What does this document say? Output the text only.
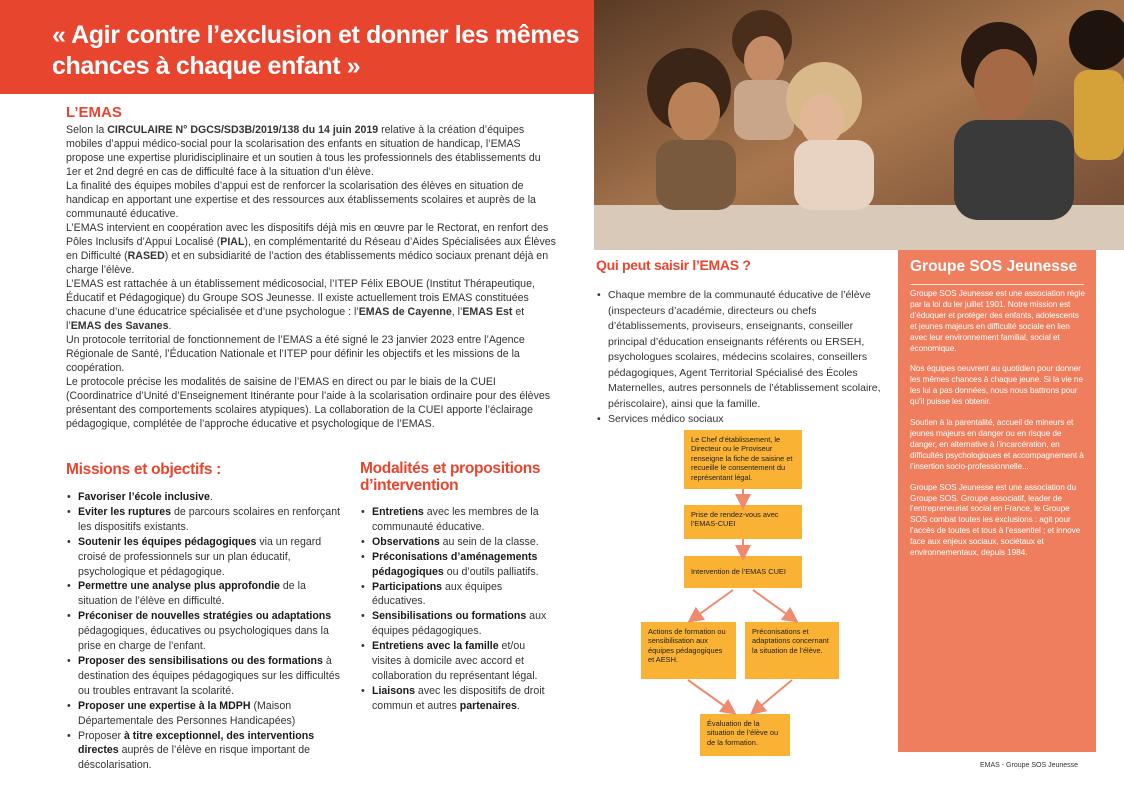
« Agir contre l’exclusion et donner les mêmes chances à chaque enfant »
L’EMAS

Selon la CIRCULAIRE N° DGCS/SD3B/2019/138 du 14 juin 2019 relative à la création d’équipes mobiles d’appui médico-social pour la scolarisation des enfants en situation de handicap, l’EMAS propose une expertise pluridisciplinaire et un soutien à tous les professionnels des établissements du 1er et 2nd degré en cas de difficulté face à la situation d’un élève.

La finalité des équipes mobiles d’appui est de renforcer la scolarisation des élèves en situation de handicap en apportant une expertise et des ressources aux établissements scolaires et auprès de la communauté éducative.

L’EMAS intervient en coopération avec les dispositifs déjà mis en œuvre par le Rectorat, en renfort des Pôles Inclusifs d’Appui Localisé (PIAL), en complémentarité du Réseau d’Aides Spécialisées aux Élèves en Difficulté (RASED) et en subsidiarité de l’action des établissements médico sociaux prenant déjà en charge l’élève.

L’EMAS est rattachée à un établissement médicosocial, l’ITEP Félix EBOUE (Institut Thérapeutique, Éducatif et Pédagogique) du Groupe SOS Jeunesse. Il existe actuellement trois EMAS constituées chacune d’une éducatrice spécialisée et d’une psychologue : l’EMAS de Cayenne, l’EMAS Est et l’EMAS des Savanes.

Un protocole territorial de fonctionnement de l’EMAS a été signé le 23 janvier 2023 entre l’Agence Régionale de Santé, l’Éducation Nationale et l’ITEP pour définir les objectifs et les missions de la coopération.

Le protocole précise les modalités de saisine de l’EMAS en direct ou par le biais de la CUEI (Coordinatrice d’Unité d’Enseignement Itinérante pour l’aide à la scolarisation ordinaire pour des élèves présentant des comportements scolaires atypiques). La collaboration de la CUEI apporte l’éclairage pédagogique, complétée de l’approche éducative et psychologique de l’EMAS.

Missions et objectifs :
• Favoriser l’école inclusive.
• Eviter les ruptures de parcours scolaires en renforçant les dispositifs existants.
• Soutenir les équipes pédagogiques via un regard croisé de professionnels sur un plan éducatif, psychologique et pédagogique.
• Permettre une analyse plus approfondie de la situation de l’élève en difficulté.
• Préconiser de nouvelles stratégies ou adaptations pédagogiques, éducatives ou psychologiques dans la prise en charge de l’enfant.
• Proposer des sensibilisations ou des formations à destination des équipes pédagogiques sur les difficultés ou troubles entravant la scolarité.
• Proposer une expertise à la MDPH (Maison Départementale des Personnes Handicapées)
• Proposer à titre exceptionnel, des interventions directes auprès de l’élève en risque important de déscolarisation.
Modalités et propositions d’intervention
• Entretiens avec les membres de la communauté éducative.
• Observations au sein de la classe.
• Préconisations d’aménagements pédagogiques ou d’outils palliatifs.
• Participations aux équipes éducatives.
• Sensibilisations ou formations aux équipes pédagogiques.
• Entretiens avec la famille et/ou visites à domicile avec accord et collaboration du représentant légal.
• Liaisons avec les dispositifs de droit commun et autres partenaires.
Qui peut saisir l’EMAS ?
• Chaque membre de la communauté éducative de l’élève (inspecteurs d’académie, directeurs ou chefs d’établissements, proviseurs, enseignants, conseiller principal d’éducation enseignants référents ou ERSEH, psychologues scolaires, médecins scolaires, conseillers pédagogiques, Agent Territorial Spécialisé des Écoles Maternelles, autres personnels de l’établissement scolaire, périscolaire), ainsi que la famille.
• Services médico sociaux
Le Chef d’établissement, le Directeur ou le Proviseur renseigne la fiche de saisine et recueille le consentement du représentant légal.
Prise de rendez-vous avec l’EMAS-CUEI
Intervention de l’EMAS CUEI
Actions de formation ou sensibilisation aux équipes pédagogiques et AESH.
Préconisations et adaptations concernant la situation de l’élève.
Évaluation de la situation de l’élève ou de la formation.
Groupe SOS Jeunesse

Groupe SOS Jeunesse est une association régie par la loi du ler juillet 1901. Notre mission est d’éduquer et protéger des enfants, adolescents et jeunes majeurs en difficulté sociale en lien avec leur environnement familial, social et économique.

Nos équipes oeuvrent au quotidien pour donner les mêmes chances à chaque jeune. Si la vie ne les lui a pas données, nous nous battrons pour qu’il puisse les obtenir.

Soutien à la parentalité, accueil de mineurs et jeunes majeurs en danger ou en risque de danger, en alternative à l’incarcération, en difficultés psychologiques et accompagnement à l’insertion socio-professionnelle...

Groupe SOS Jeunesse est une association du Groupe SOS. Groupe associatif, leader de l’entrepreneuriat social en France, le Groupe SOS combat toutes les exclusions : agit pour l’accès de toutes et tous à l’essentiel ; et innove face aux enjeux sociaux, sociétaux et environnementaux, depuis 1984.

EMAS - Groupe SOS Jeunesse
